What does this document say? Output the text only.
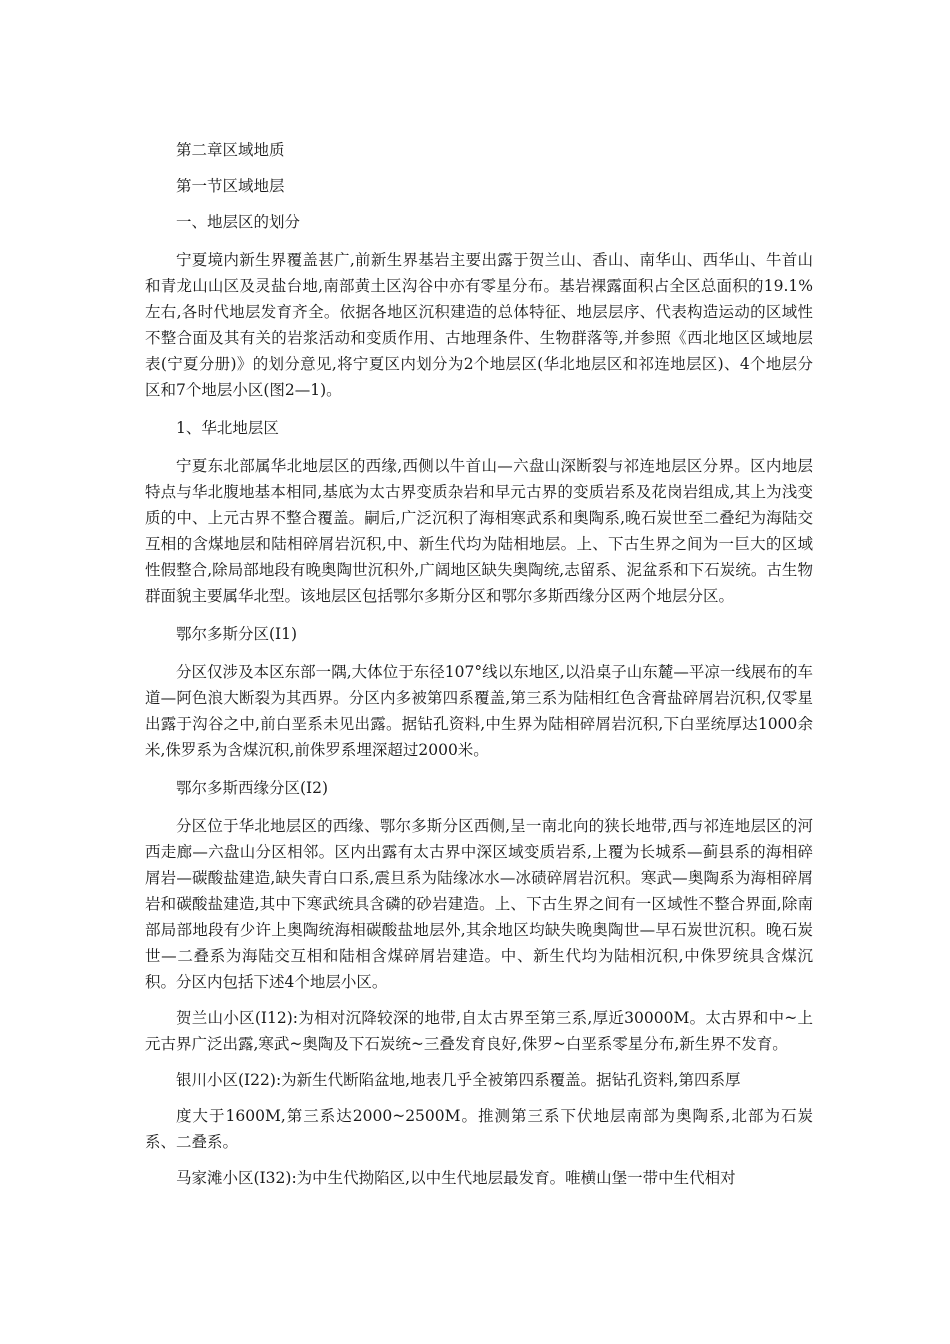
第二章区域地质

第一节区域地层

一、地层区的划分

宁夏境内新生界覆盖甚广,前新生界基岩主要出露于贺兰山、香山、南华山、西华山、牛首山和青龙山山区及灵盐台地,南部黄土区沟谷中亦有零星分布。基岩裸露面积占全区总面积的19.1%左右,各时代地层发育齐全。依据各地区沉积建造的总体特征、地层层序、代表构造运动的区域性不整合面及其有关的岩浆活动和变质作用、古地理条件、生物群落等,并参照《西北地区区域地层表(宁夏分册)》的划分意见,将宁夏区内划分为2个地层区(华北地层区和祁连地层区)、4个地层分区和7个地层小区(图2—1)。

1、华北地层区

宁夏东北部属华北地层区的西缘,西侧以牛首山—六盘山深断裂与祁连地层区分界。区内地层特点与华北腹地基本相同,基底为太古界变质杂岩和早元古界的变质岩系及花岗岩组成,其上为浅变质的中、上元古界不整合覆盖。嗣后,广泛沉积了海相寒武系和奥陶系,晚石炭世至二叠纪为海陆交互相的含煤地层和陆相碎屑岩沉积,中、新生代均为陆相地层。上、下古生界之间为一巨大的区域性假整合,除局部地段有晚奥陶世沉积外,广阔地区缺失奥陶统,志留系、泥盆系和下石炭统。古生物群面貌主要属华北型。该地层区包括鄂尔多斯分区和鄂尔多斯西缘分区两个地层分区。

鄂尔多斯分区(Ⅰ1)

分区仅涉及本区东部一隅,大体位于东径107°线以东地区,以沿桌子山东麓—平凉一线展布的车道—阿色浪大断裂为其西界。分区内多被第四系覆盖,第三系为陆相红色含膏盐碎屑岩沉积,仅零星出露于沟谷之中,前白垩系未见出露。据钻孔资料,中生界为陆相碎屑岩沉积,下白垩统厚达1000余米,侏罗系为含煤沉积,前侏罗系埋深超过2000米。

鄂尔多斯西缘分区(Ⅰ2)

分区位于华北地层区的西缘、鄂尔多斯分区西侧,呈一南北向的狭长地带,西与祁连地层区的河西走廊—六盘山分区相邻。区内出露有太古界中深区域变质岩系,上覆为长城系—蓟县系的海相碎屑岩—碳酸盐建造,缺失青白口系,震旦系为陆缘冰水—冰碛碎屑岩沉积。寒武—奥陶系为海相碎屑岩和碳酸盐建造,其中下寒武统具含磷的砂岩建造。上、下古生界之间有一区域性不整合界面,除南部局部地段有少许上奥陶统海相碳酸盐地层外,其余地区均缺失晚奥陶世—早石炭世沉积。晚石炭世—二叠系为海陆交互相和陆相含煤碎屑岩建造。中、新生代均为陆相沉积,中侏罗统具含煤沉积。分区内包括下述4个地层小区。

贺兰山小区(I12):为相对沉降较深的地带,自太古界至第三系,厚近30000M。太古界和中~上元古界广泛出露,寒武~奥陶及下石炭统~三叠发育良好,侏罗~白垩系零星分布,新生界不发育。

银川小区(I22):为新生代断陷盆地,地表几乎全被第四系覆盖。据钻孔资料,第四系厚

度大于1600M,第三系达2000~2500M。推测第三系下伏地层南部为奥陶系,北部为石炭系、二叠系。

马家滩小区(I32):为中生代拗陷区,以中生代地层最发育。唯横山堡一带中生代相对
